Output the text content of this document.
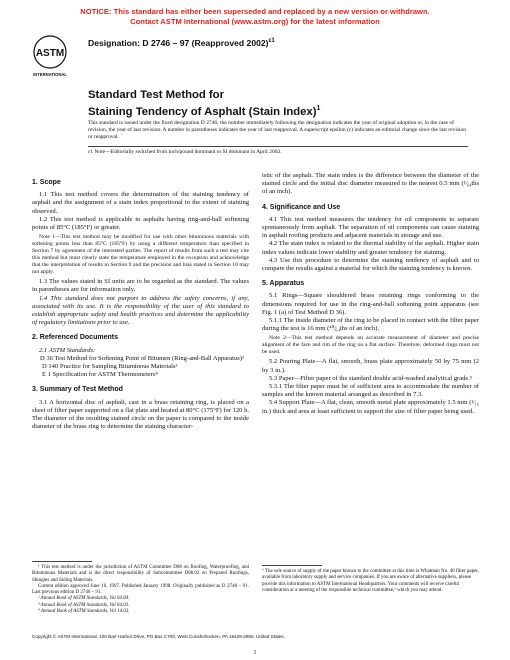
NOTICE: This standard has either been superseded and replaced by a new version or withdrawn.
Contact ASTM International (www.astm.org) for the latest information
ASTM
INTERNATIONAL
Designation: D 2746 – 97 (Reapproved 2002)$^{\varepsilon 1}$
Standard Test Method for
Staining Tendency of Asphalt (Stain Index)$^1$
This standard is issued under the fixed designation D 2746; the number immediately following the designation indicates the year of original adoption or, in the case of revision, the year of last revision. A number in parentheses indicates the year of last reapproval. A superscript epsilon (ε) indicates an editorial change since the last revision or reapproval.
ε1 Note—Editorially switched from inch/pound dominant to SI dominant in April 2002.
1. Scope

1.1 This test method covers the determination of the staining tendency of asphalt and the assignment of a stain index proportional to the extent of staining observed.

1.2 This test method is applicable to asphalts having ring-and-ball softening points of 85°C (185°F) or greater.

Note 1—This test method may be modified for use with other bituminous materials with softening points less than 85°C (185°F) by using a different temperature than specified in Section 7 by agreement of the interested parties. The report of results from such a test may cite this method but must clearly state the temperature employed in the exception and acknowledge that the interpretation of results in Section 9 and the precision and bias stated in Section 10 may not apply.

1.3 The values stated in SI units are to be regarded as the standard. The values in parentheses are for information only.

1.4 This standard does not purport to address the safety concerns, if any, associated with its use. It is the responsibility of the user of this standard to establish appropriate safety and health practices and determine the applicability of regulatory limitations prior to use.

2. Referenced Documents

2.1 ASTM Standards:

D 36 Test Method for Softening Point of Bitumen (Ring-and-Ball Apparatus)²

D 140 Practice for Sampling Bituminous Materials³

E 1 Specification for ASTM Thermometers⁴

3. Summary of Test Method

3.1 A horizontal disc of asphalt, cast in a brass retaining ring, is placed on a sheet of filter paper supported on a flat plate and heated at 80°C (175°F) for 120 h. The diameter of the resulting stained circle on the paper is compared to the inside diameter of the brass ring to determine the staining character-

istic of the asphalt. The stain index is the difference between the diameter of the stained circle and the initial disc diameter measured to the nearest 0.5 mm (¹⁄₆₄ths of an inch).

4. Significance and Use

4.1 This test method measures the tendency for oil components to separate spontaneously from asphalt. The separation of oil components can cause staining in asphalt roofing products and adjacent materials in storage and use.

4.2 The stain index is related to the thermal stability of the asphalt. Higher stain index values indicate lower stability and greater tendency for staining.

4.3 Use this procedure to determine the staining tendency of asphalt and to compare the results against a material for which the staining tendency is known.

5. Apparatus

5.1 Rings—Square shouldered brass retaining rings conforming to the dimensions required for use in the ring-and-ball softening point apparatus (see Fig. 1 (a) of Test Method D 36).

5.1.1 The inside diameter of the ring to be placed in contact with the filter paper during the test is 16 mm (⁴⁰⁄₆₄ths of an inch).

Note 2—This test method depends on accurate measurement of diameter and precise alignment of the face and rim of the ring on a flat surface. Therefore, deformed rings must not be used.

5.2 Pouring Plate—A flat, smooth, brass plate approximately 50 by 75 mm (2 by 3 in.).

5.3 Paper—Filter paper of the standard double acid-washed analytical grade.⁵

5.3.1 The filter paper must be of sufficient area to accommodate the number of samples and the known material arranged as described in 7.3.

5.4 Support Plate—A flat, clean, smooth metal plate approximately 1.5 mm (¹⁄₁₆ in.) thick and area at least sufficient to support the size of filter paper being used.

¹ This test method is under the jurisdiction of ASTM Committee D08 on Roofing, Waterproofing, and Bituminous Materials and is the direct responsibility of Subcommittee D08.02 on Prepared Roofings, Shingles and Siding Materials.

Current edition approved June 10, 1997. Published January 1998. Originally published as D 2746 – 91. Last previous edition D 2746 – 91.

² Annual Book of ASTM Standards, Vol 04.04.

³ Annual Book of ASTM Standards, Vol 04.03.

⁴ Annual Book of ASTM Standards, Vol 14.03.

⁵ The sole source of supply of the paper known to the committee at this time is Whatman No. 40 filter paper, available from laboratory supply and service companies. If you are aware of alternative suppliers, please provide this information to ASTM International Headquarters. Your comments will receive careful consideration at a meeting of the responsible technical committee,¹ which you may attend.
Copyright © ASTM International, 100 Barr Harbor Drive, PO Box C700, West Conshohocken, PA 19428-2959, United States.
1
